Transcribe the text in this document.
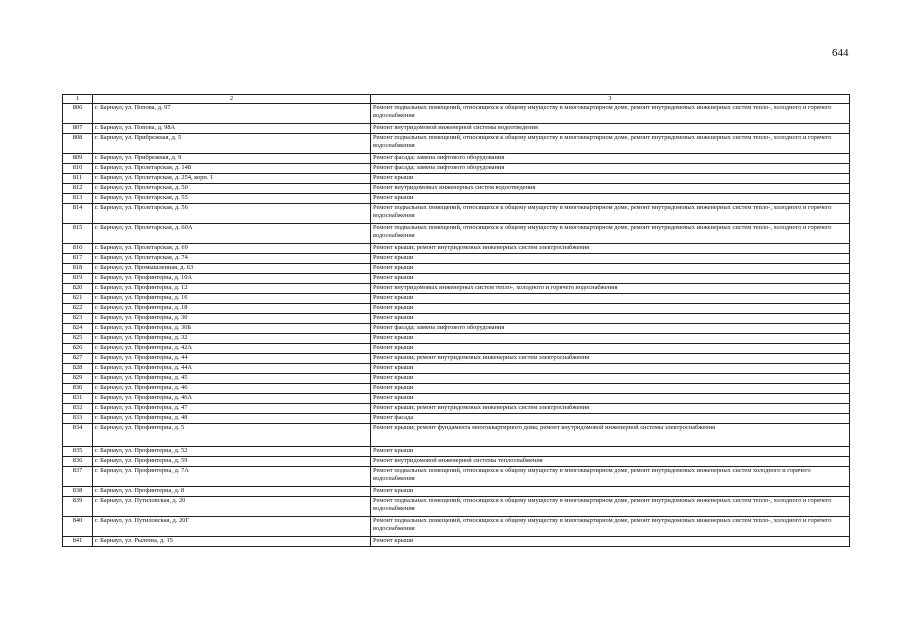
644
1	2	3
806	г. Барнаул, ул. Попова, д. 97	Ремонт подвальных помещений, относящихся к общему имуществу в многоквартирном доме, ремонт внутридомовых инженерных систем тепло-, холодного и горячего водоснабжения
807	г. Барнаул, ул. Попова, д. 98А	Ремонт внутридомовой инженерной системы водоотведения
808	г. Барнаул, ул. Прибрежная, д. 5	Ремонт подвальных помещений, относящихся к общему имуществу в многоквартирном доме, ремонт внутридомовых инженерных систем тепло-, холодного и горячего водоснабжения
809	г. Барнаул, ул. Прибрежная, д. 9	Ремонт фасада; замена лифтового оборудования
810	г. Барнаул, ул. Пролетарская, д. 148	Ремонт фасада; замена лифтового оборудования
811	г. Барнаул, ул. Пролетарская, д. 254, корп. 1	Ремонт крыши
812	г. Барнаул, ул. Пролетарская, д. 50	Ремонт внутридомовых инженерных систем водоотведения
813	г. Барнаул, ул. Пролетарская, д. 55	Ремонт крыши
814	г. Барнаул, ул. Пролетарская, д. 56	Ремонт подвальных помещений, относящихся к общему имуществу в многоквартирном доме, ремонт внутридомовых инженерных систем тепло-, холодного и горячего водоснабжения
815	г. Барнаул, ул. Пролетарская, д. 60А	Ремонт подвальных помещений, относящихся к общему имуществу в многоквартирном доме, ремонт внутридомовых инженерных систем тепло-, холодного и горячего водоснабжения
816	г. Барнаул, ул. Пролетарская, д. 69	Ремонт крыши; ремонт внутридомовых инженерных систем электроснабжения
817	г. Барнаул, ул. Пролетарская, д. 74	Ремонт крыши
818	г. Барнаул, ул. Промышленная, д. 63	Ремонт крыши
819	г. Барнаул, ул. Профинтерна, д. 10А	Ремонт крыши
820	г. Барнаул, ул. Профинтерна, д. 12	Ремонт внутридомовых инженерных систем тепло-, холодного и горячего водоснабжения
821	г. Барнаул, ул. Профинтерна, д. 16	Ремонт крыши
822	г. Барнаул, ул. Профинтерна, д. 18	Ремонт крыши
823	г. Барнаул, ул. Профинтерна, д. 30	Ремонт крыши
824	г. Барнаул, ул. Профинтерна, д. 30Б	Ремонт фасада; замена лифтового оборудования
825	г. Барнаул, ул. Профинтерна, д. 32	Ремонт крыши
826	г. Барнаул, ул. Профинтерна, д. 42А	Ремонт крыши
827	г. Барнаул, ул. Профинтерна, д. 44	Ремонт крыши; ремонт внутридомовых инженерных систем электроснабжения
828	г. Барнаул, ул. Профинтерна, д. 44А	Ремонт крыши
829	г. Барнаул, ул. Профинтерна, д. 45	Ремонт крыши
830	г. Барнаул, ул. Профинтерна, д. 46	Ремонт крыши
831	г. Барнаул, ул. Профинтерна, д. 46А	Ремонт крыши
832	г. Барнаул, ул. Профинтерна, д. 47	Ремонт крыши; ремонт внутридомовых инженерных систем электроснабжения
833	г. Барнаул, ул. Профинтерна, д. 48	Ремонт фасада
834	г. Барнаул, ул. Профинтерна, д. 5	Ремонт крыши; ремонт фундамента многоквартирного дома; ремонт внутридомовой инженерной системы электроснабжения
835	г. Барнаул, ул. Профинтерна, д. 52	Ремонт крыши
836	г. Барнаул, ул. Профинтерна, д. 59	Ремонт внутридомовой инженерной системы теплоснабжения
837	г. Барнаул, ул. Профинтерна, д. 7А	Ремонт подвальных помещений, относящихся к общему имуществу в многоквартирном доме, ремонт внутридомовых инженерных систем холодного и горячего водоснабжения
838	г. Барнаул, ул. Профинтерна, д. 8	Ремонт крыши
839	г. Барнаул, ул. Путиловская, д. 20	Ремонт подвальных помещений, относящихся к общему имуществу в многоквартирном доме, ремонт внутридомовых инженерных систем тепло-, холодного и горячего водоснабжения
840	г. Барнаул, ул. Путиловская, д. 20Г	Ремонт подвальных помещений, относящихся к общему имуществу в многоквартирном доме, ремонт внутридомовых инженерных систем тепло-, холодного и горячего водоснабжения
841	г. Барнаул, ул. Рылеева, д. 15	Ремонт крыши
